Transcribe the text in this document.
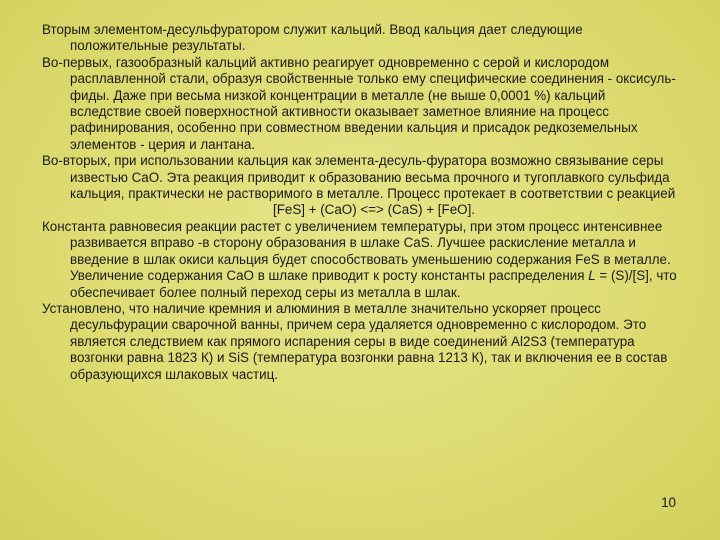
Вторым элементом-десульфуратором служит кальций. Ввод кальция дает следующие положительные результаты.

Во-первых, газообразный кальций активно реагирует одновременно с серой и кислородом расплавленной стали, образуя свойственные только ему специфические соединения - оксисуль-фиды. Даже при весьма низкой концентрации в металле (не выше 0,0001 %) кальций вследствие своей поверхностной активности оказывает заметное влияние на процесс рафинирования, особенно при совместном введении кальция и присадок редкоземельных элементов - церия и лантана.

Во-вторых, при использовании кальция как элемента-десуль-фуратора возможно связывание серы известью CaO. Эта реакция приводит к образованию весьма прочного и тугоплавкого сульфида кальция, практически не растворимого в металле. Процесс протекает в соответствии с реакцией

[FeS] + (CaO) <=> (CaS) + [FeO].

Константа равновесия реакции растет с увеличением температуры, при этом процесс интенсивнее развивается вправо -в сторону образования в шлаке CaS. Лучшее раскисление металла и введение в шлак окиси кальция будет способствовать уменьшению содержания FeS в металле. Увеличение содержания CaO в шлаке приводит к росту константы распределения L = (S)/[S], что обеспечивает более полный переход серы из металла в шлак.

Установлено, что наличие кремния и алюминия в металле значительно ускоряет процесс десульфурации сварочной ванны, причем сера удаляется одновременно с кислородом. Это является следствием как прямого испарения серы в виде соединений Al2S3 (температура возгонки равна 1823 К) и SiS (температура возгонки равна 1213 К), так и включения ее в состав образующихся шлаковых частиц.

10
